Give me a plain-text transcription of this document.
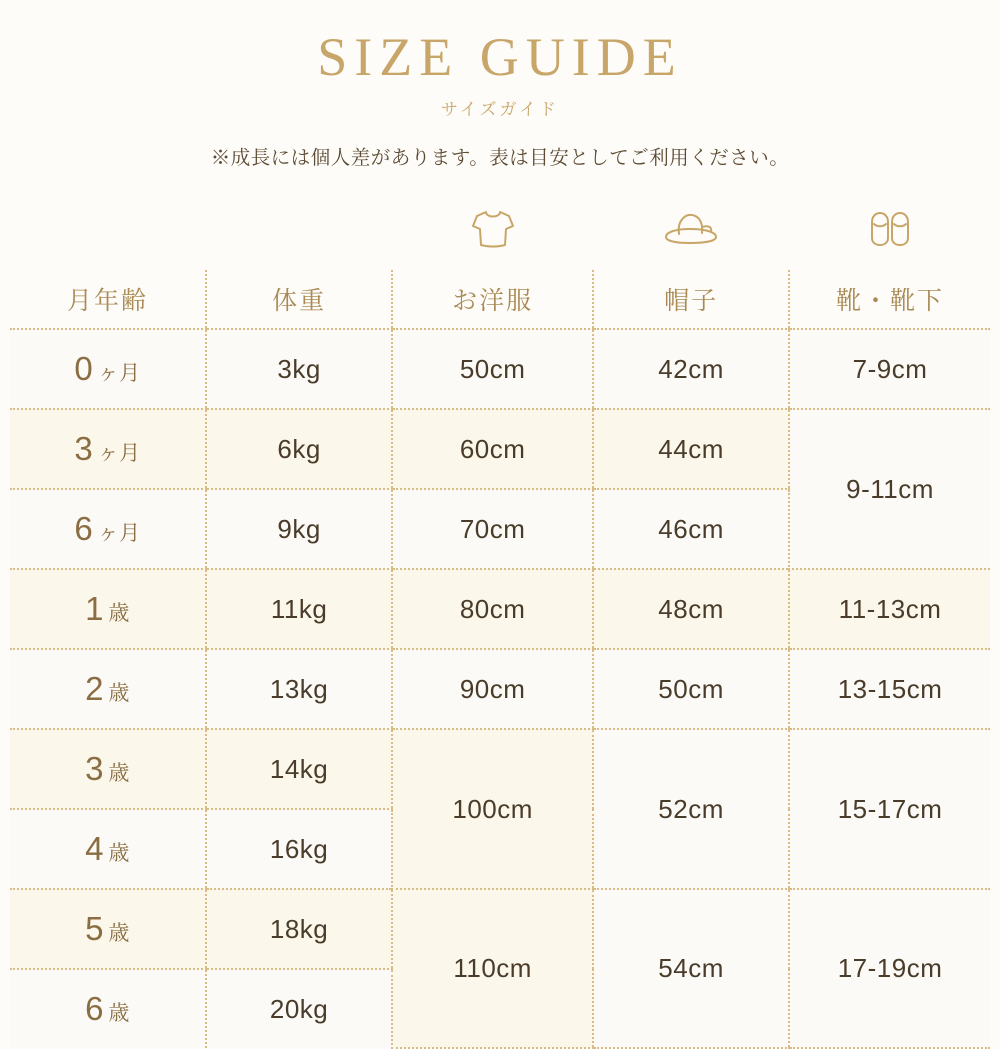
SIZE GUIDE
サイズガイド
※成長には個人差があります。表は目安としてご利用ください。

月年齢	体重	お洋服	帽子	靴・靴下
0 ヶ月	3kg	50cm	42cm	7-9cm
3 ヶ月	6kg	60cm	44cm	9-11cm
6 ヶ月	9kg	70cm	46cm	
1 歳	11kg	80cm	48cm	11-13cm
2 歳	13kg	90cm	50cm	13-15cm
3 歳	14kg	100cm	52cm	15-17cm
4 歳	16kg			
5 歳	18kg	110cm	54cm	17-19cm
6 歳	20kg			
